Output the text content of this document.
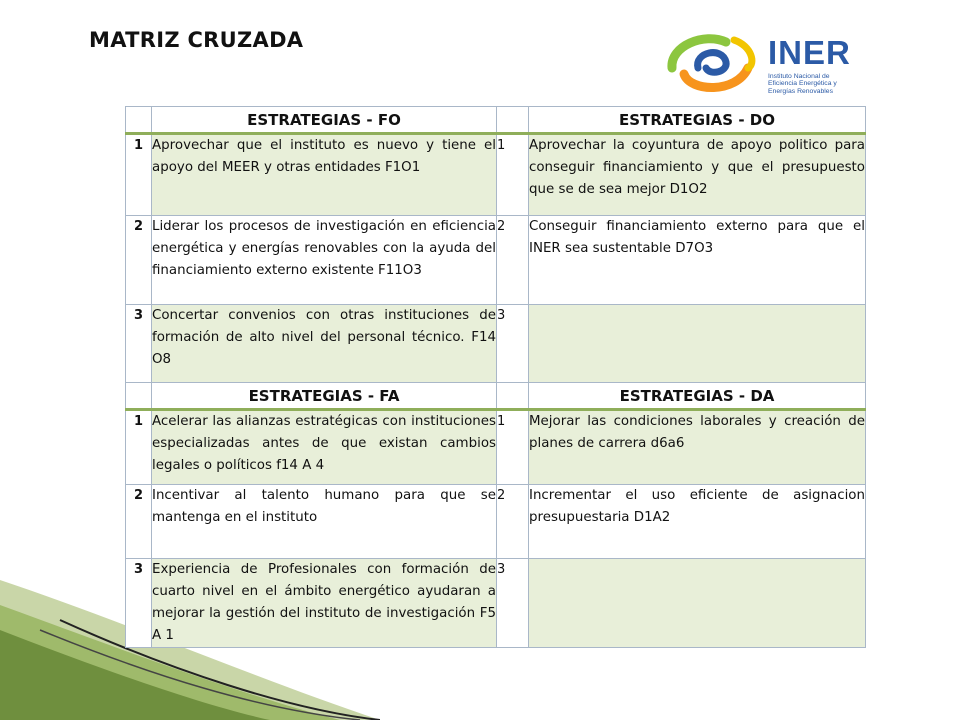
MATRIZ CRUZADA	INER
Instituto Nacional de
Eficiencia Energética y
Energías Renovables
	ESTRATEGIAS - FO		ESTRATEGIAS - DO
1	Aprovechar que el instituto es nuevo y tiene el apoyo del MEER y otras entidades F1O1	1	Aprovechar la coyuntura de apoyo politico para conseguir financiamiento y que el presupuesto que se de sea mejor D1O2
2	Liderar los procesos de investigación en eficiencia energética y energías renovables con la ayuda del financiamiento externo existente F11O3	2	Conseguir financiamiento externo para que el INER sea sustentable D7O3
3	Concertar convenios con otras instituciones de formación de alto nivel del personal técnico. F14 O8	3	
	ESTRATEGIAS - FA		ESTRATEGIAS - DA
1	Acelerar las alianzas estratégicas con instituciones especializadas antes de que existan cambios legales o políticos f14 A 4	1	Mejorar las condiciones laborales y creación de planes de carrera d6a6
2	Incentivar al talento humano para que se mantenga en el instituto	2	Incrementar el uso eficiente de asignacion presupuestaria D1A2
3	Experiencia de Profesionales con formación de cuarto nivel en el ámbito energético ayudaran a mejorar la gestión del instituto de investigación F5 A 1	3	
